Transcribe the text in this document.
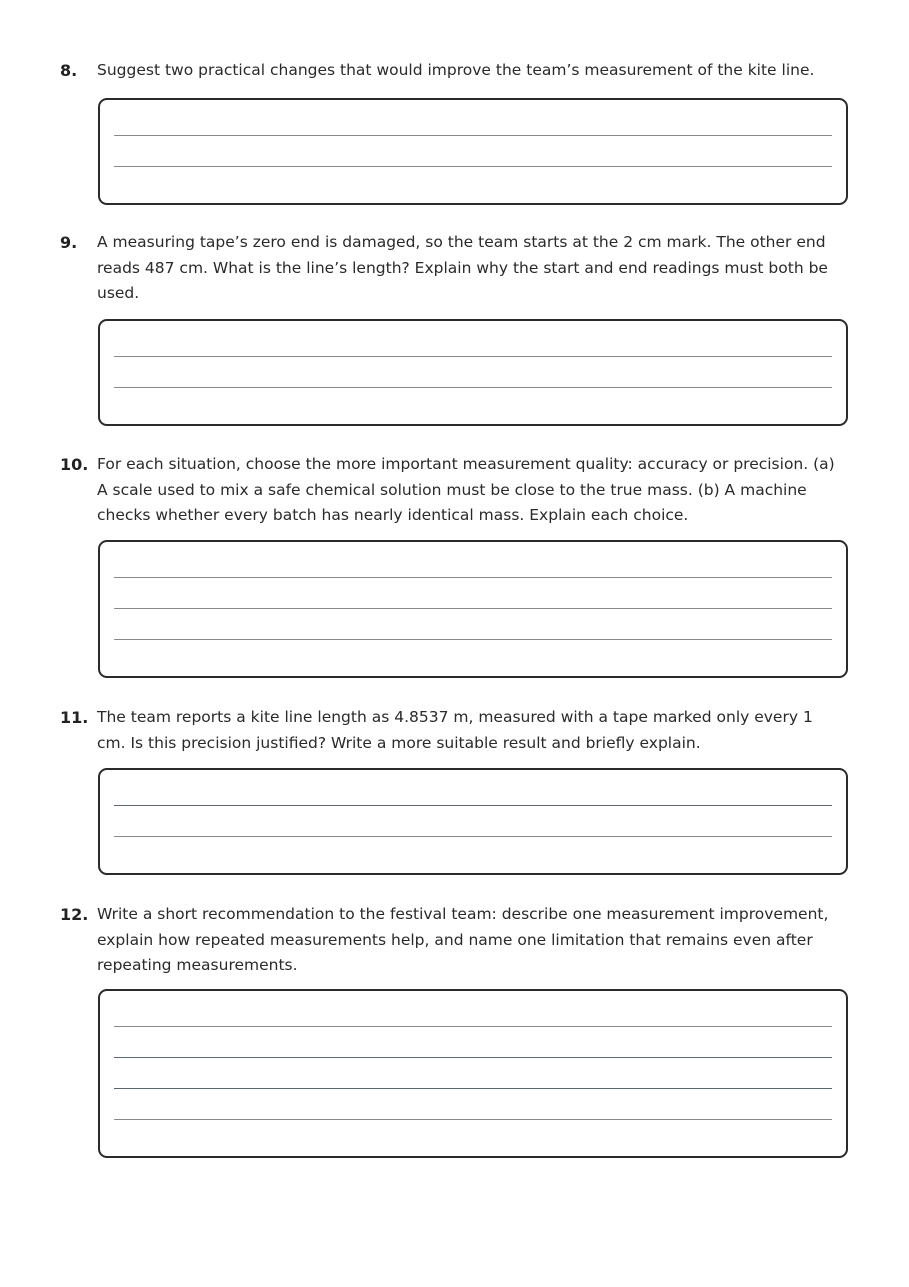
8.	Suggest two practical changes that would improve the team’s measurement of the kite line.
9.	A measuring tape’s zero end is damaged, so the team starts at the 2 cm mark. The other end reads 487 cm. What is the line’s length? Explain why the start and end readings must both be used.
10. For each situation, choose the more important measurement quality: accuracy or precision. (a) A scale used to mix a safe chemical solution must be close to the true mass. (b) A machine checks whether every batch has nearly identical mass. Explain each choice.
11. The team reports a kite line length as 4.8537 m, measured with a tape marked only every 1 cm. Is this precision justified? Write a more suitable result and briefly explain.
12. Write a short recommendation to the festival team: describe one measurement improvement, explain how repeated measurements help, and name one limitation that remains even after repeating measurements.
